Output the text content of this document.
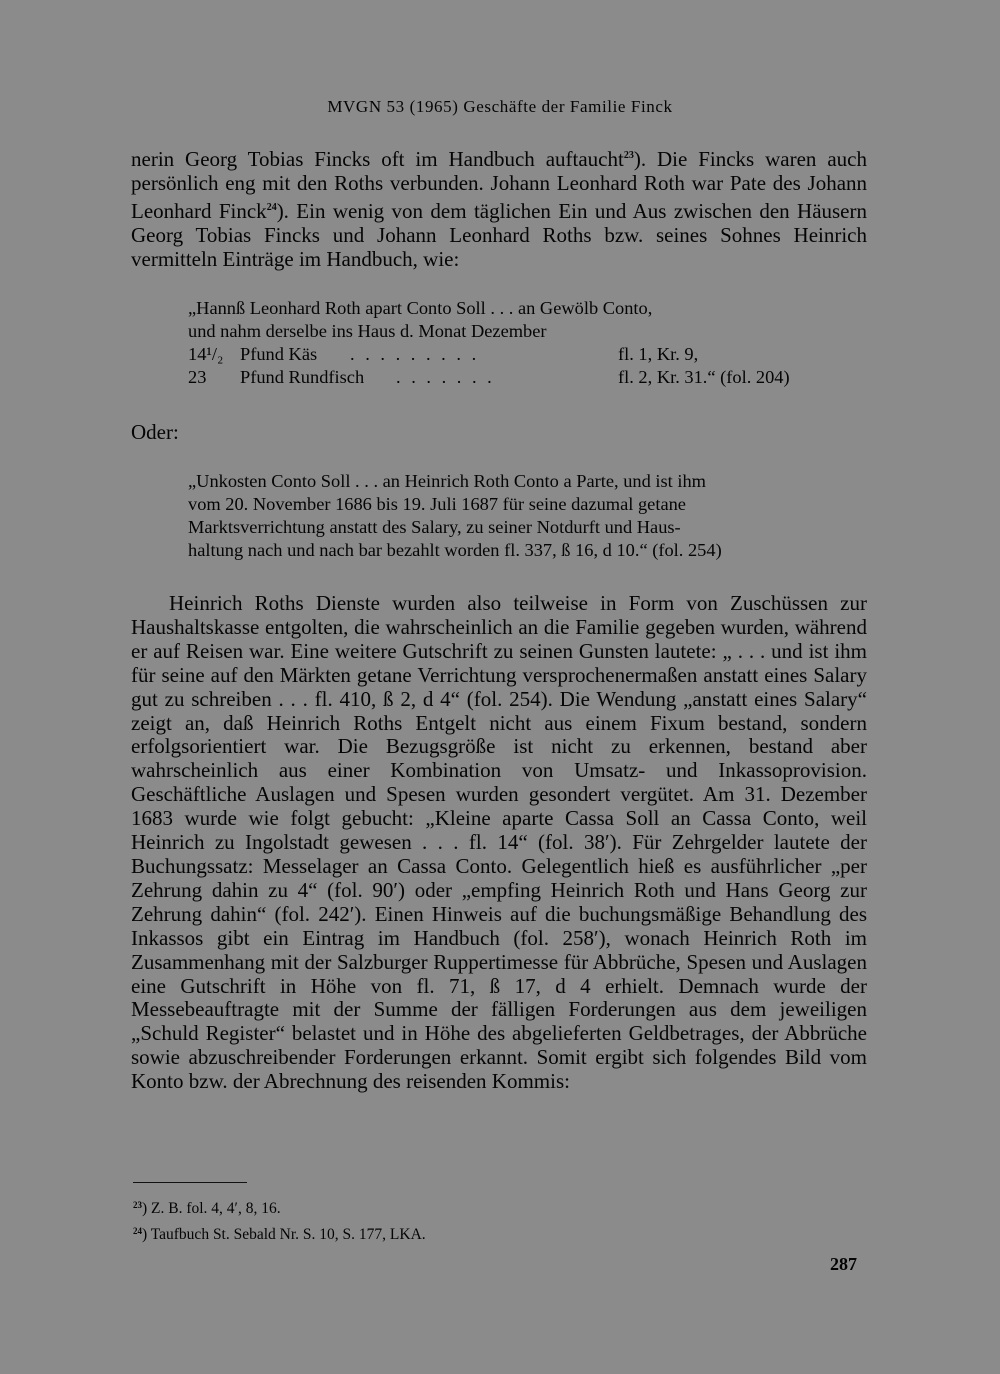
MVGN 53 (1965) Geschäfte der Familie Finck

nerin Georg Tobias Fincks oft im Handbuch auftaucht$^{23}$). Die Fincks waren auch persönlich eng mit den Roths verbunden. Johann Leonhard Roth war Pate des Johann Leonhard Finck$^{24}$). Ein wenig von dem täglichen Ein und Aus zwischen den Häusern Georg Tobias Fincks und Johann Leonhard Roths bzw. seines Sohnes Heinrich vermitteln Einträge im Handbuch, wie:

„Hannß Leonhard Roth apart Conto Soll . . . an Gewölb Conto,
und nahm derselbe ins Haus d. Monat Dezember
14¹/₂ Pfund Käs . . . . . . . . .	fl. 1, Kr. 9,
23 Pfund Rundfisch . . . . . . .	fl. 2, Kr. 31.“ (fol. 204)
Oder:
„Unkosten Conto Soll . . . an Heinrich Roth Conto a Parte, und ist ihm
vom 20. November 1686 bis 19. Juli 1687 für seine dazumal getane
Marktsverrichtung anstatt des Salary, zu seiner Notdurft und Haus-
haltung nach und nach bar bezahlt worden fl. 337, ß 16, d 10.“ (fol. 254)

Heinrich Roths Dienste wurden also teilweise in Form von Zuschüssen zur Haushaltskasse entgolten, die wahrscheinlich an die Familie gegeben wurden, während er auf Reisen war. Eine weitere Gutschrift zu seinen Gunsten lautete: „ . . . und ist ihm für seine auf den Märkten getane Verrichtung versprochenermaßen anstatt eines Salary gut zu schreiben . . . fl. 410, ß 2, d 4“ (fol. 254). Die Wendung „anstatt eines Salary“ zeigt an, daß Heinrich Roths Entgelt nicht aus einem Fixum bestand, sondern erfolgsorientiert war. Die Bezugsgröße ist nicht zu erkennen, bestand aber wahrscheinlich aus einer Kombination von Umsatz- und Inkassoprovision. Geschäftliche Auslagen und Spesen wurden gesondert vergütet. Am 31. Dezember 1683 wurde wie folgt gebucht: „Kleine aparte Cassa Soll an Cassa Conto, weil Heinrich zu Ingolstadt gewesen . . . fl. 14“ (fol. 38′). Für Zehrgelder lautete der Buchungssatz: Messelager an Cassa Conto. Gelegentlich hieß es ausführlicher „per Zehrung dahin zu 4“ (fol. 90′) oder „empfing Heinrich Roth und Hans Georg zur Zehrung dahin“ (fol. 242′). Einen Hinweis auf die buchungsmäßige Behandlung des Inkassos gibt ein Eintrag im Handbuch (fol. 258′), wonach Heinrich Roth im Zusammenhang mit der Salzburger Ruppertimesse für Abbrüche, Spesen und Auslagen eine Gutschrift in Höhe von fl. 71, ß 17, d 4 erhielt. Demnach wurde der Messebeauftragte mit der Summe der fälligen Forderungen aus dem jeweiligen „Schuld Register“ belastet und in Höhe des abgelieferten Geldbetrages, der Abbrüche sowie abzuschreibender Forderungen erkannt. Somit ergibt sich folgendes Bild vom Konto bzw. der Abrechnung des reisenden Kommis:

$^{23}$) Z. B. fol. 4, 4′, 8, 16.
$^{24}$) Taufbuch St. Sebald Nr. S. 10, S. 177, LKA.
287
